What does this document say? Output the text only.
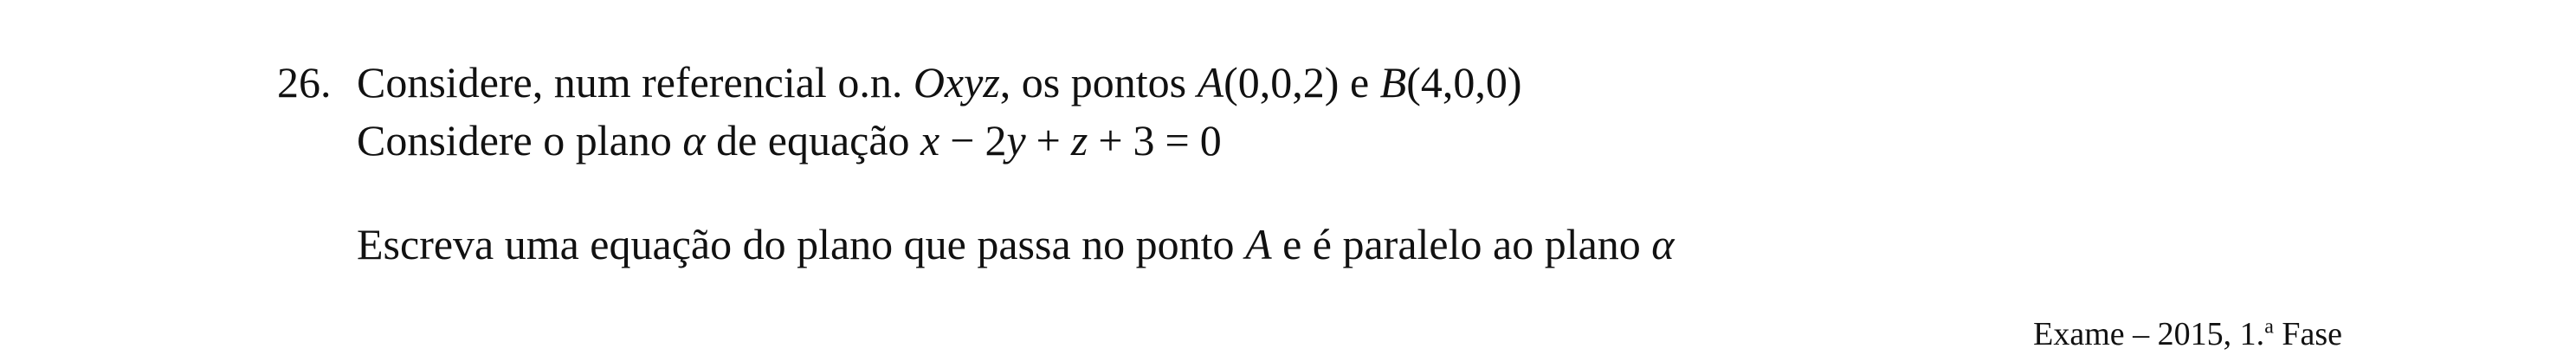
26. Considere, num referencial o.n. Oxyz, os pontos A(0,0,2) e B(4,0,0)
Considere o plano α de equação x − 2y + z + 3 = 0
Escreva uma equação do plano que passa no ponto A e é paralelo ao plano α
Exame – 2015, 1.$^a$ Fase
